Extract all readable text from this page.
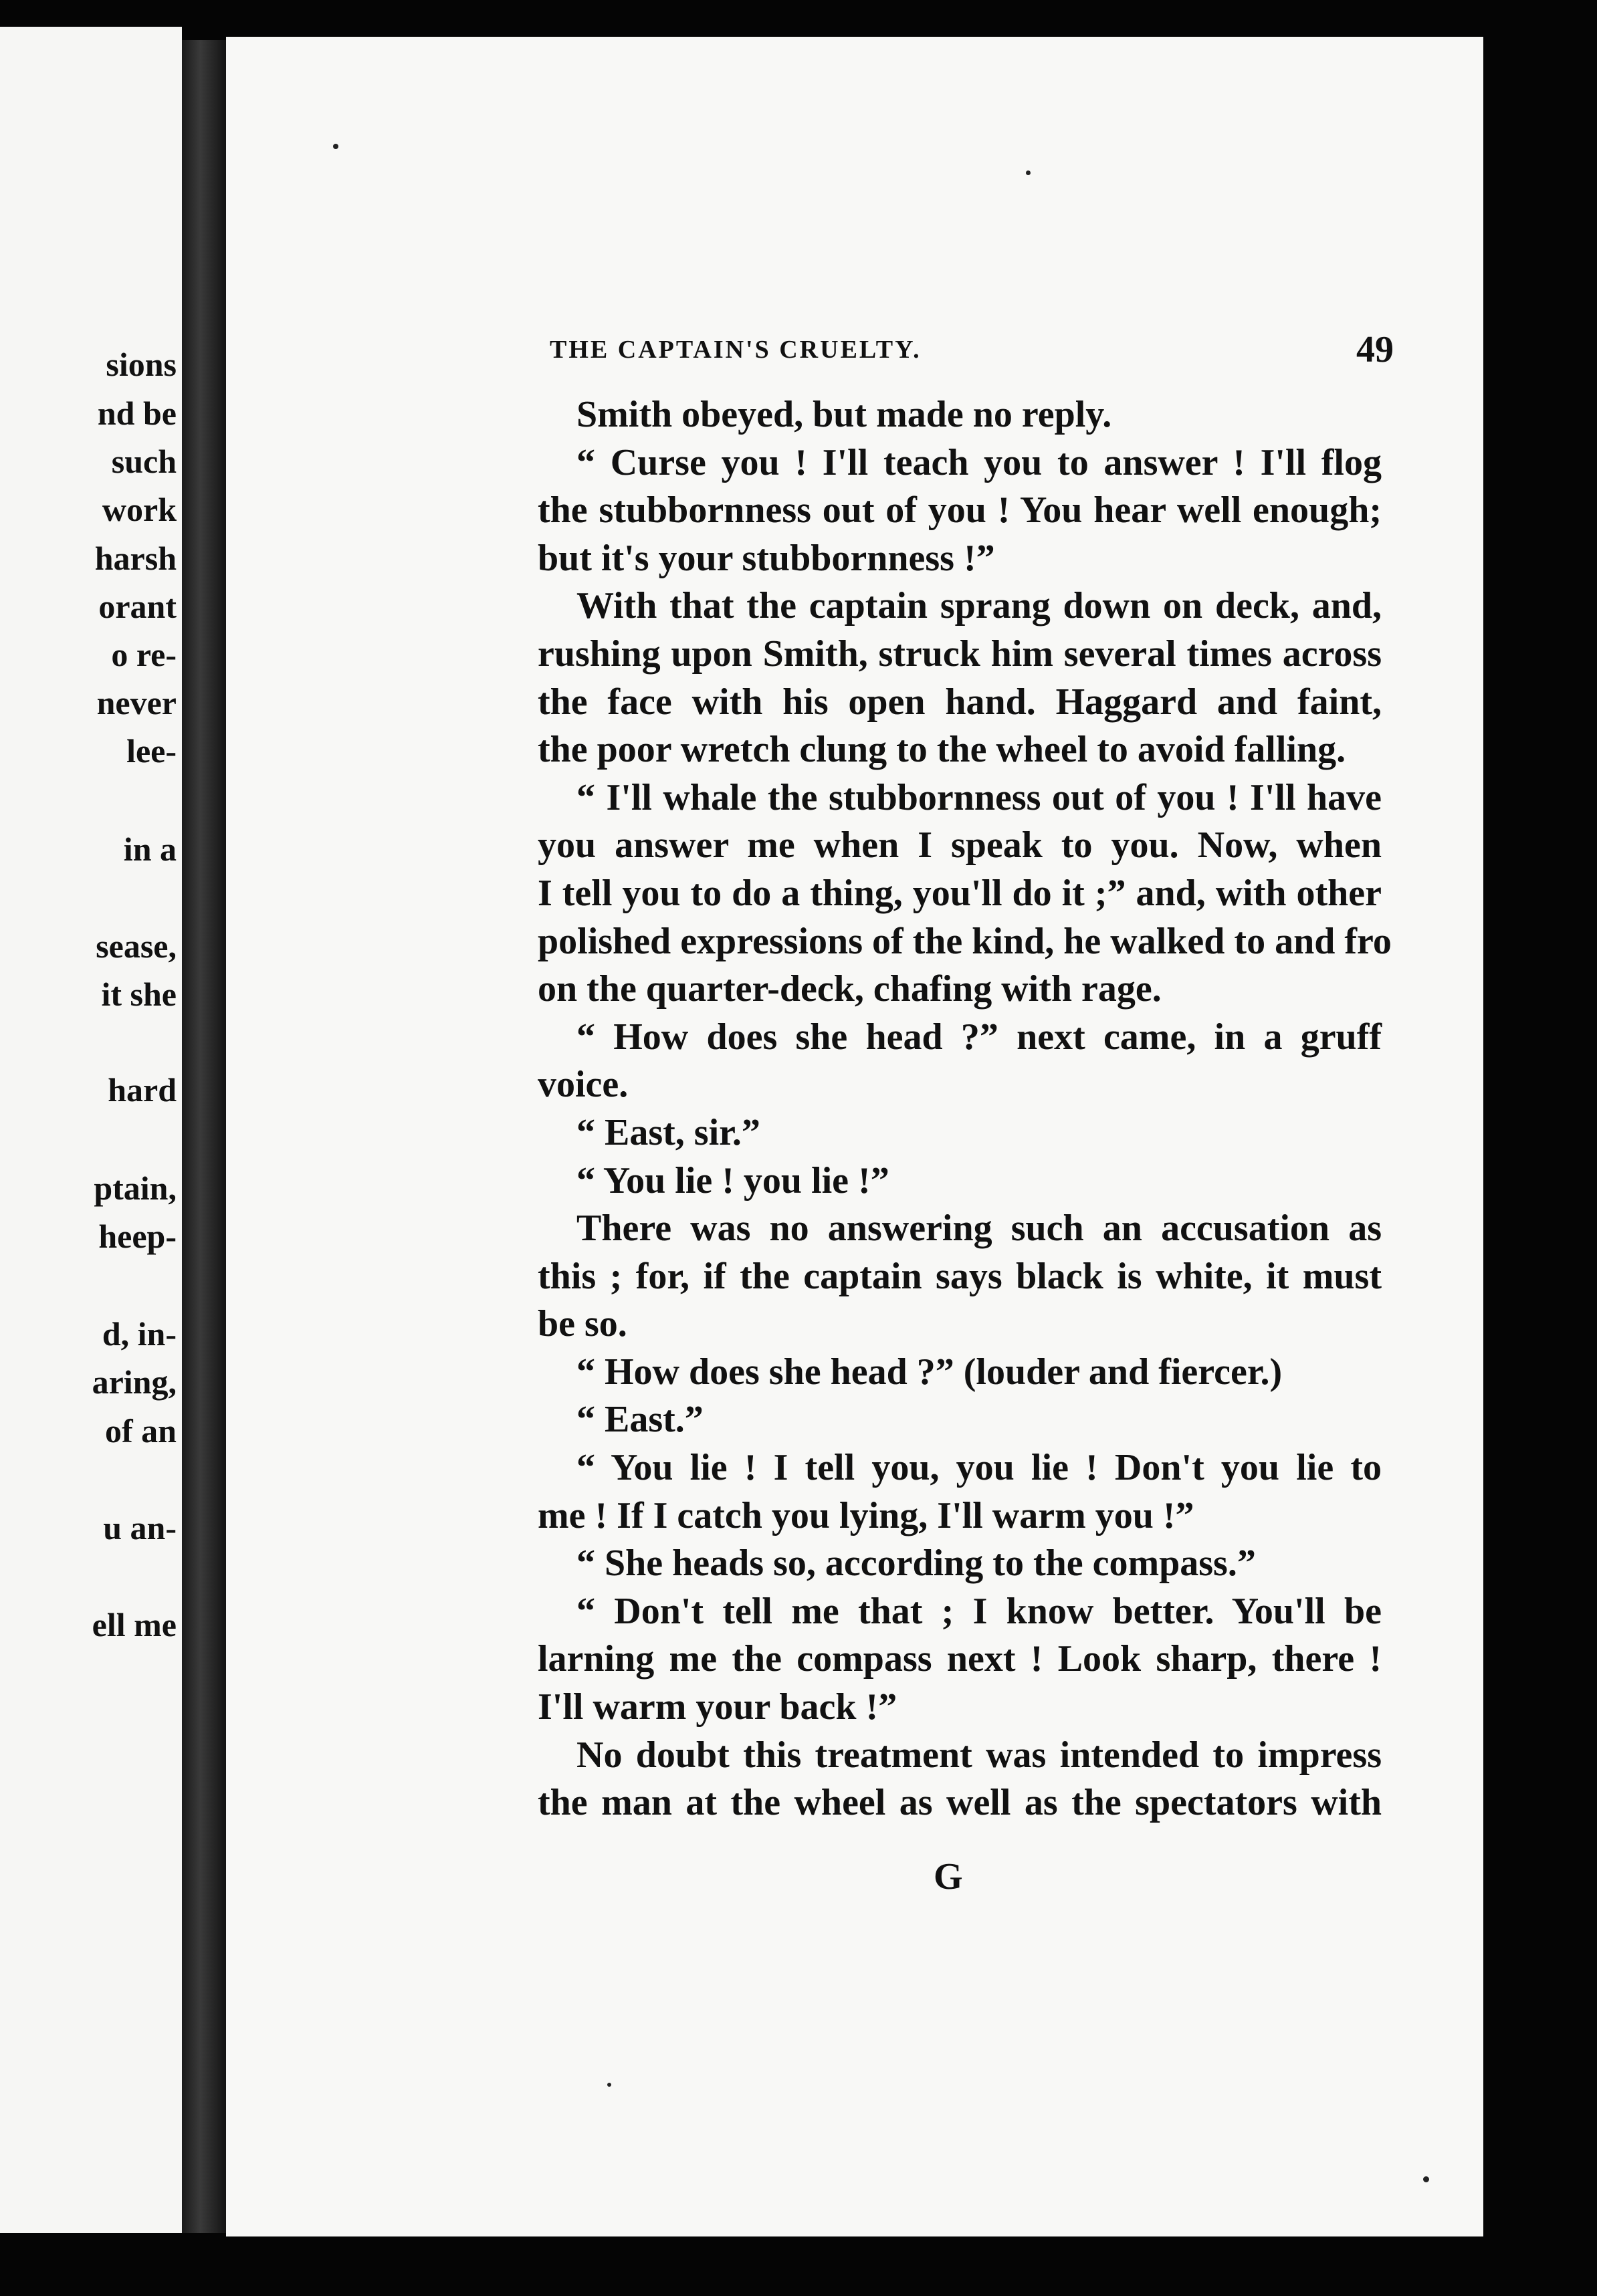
sions
nd be
such
work
harsh
orant
o re-
never
lee-
in a
sease,
it she
hard
ptain,
heep-
d, in-
aring,
of an
u an-
ell me
THE CAPTAIN'S CRUELTY.	49
Smith obeyed, but made no reply.
“ Curse you ! I'll teach you to answer ! I'll flog
the stubbornness out of you ! You hear well enough;
but it's your stubbornness !”
With that the captain sprang down on deck, and,
rushing upon Smith, struck him several times across
the face with his open hand. Haggard and faint,
the poor wretch clung to the wheel to avoid falling.
“ I'll whale the stubbornness out of you ! I'll have
you answer me when I speak to you. Now, when
I tell you to do a thing, you'll do it ;” and, with other
polished expressions of the kind, he walked to and fro
on the quarter-deck, chafing with rage.
“ How does she head ?” next came, in a gruff
voice.
“ East, sir.”
“ You lie ! you lie !”
There was no answering such an accusation as
this ; for, if the captain says black is white, it must
be so.
“ How does she head ?” (louder and fiercer.)
“ East.”
“ You lie ! I tell you, you lie ! Don't you lie to
me ! If I catch you lying, I'll warm you !”
“ She heads so, according to the compass.”
“ Don't tell me that ; I know better. You'll be
larning me the compass next ! Look sharp, there !
I'll warm your back !”
No doubt this treatment was intended to impress
the man at the wheel as well as the spectators with
G
